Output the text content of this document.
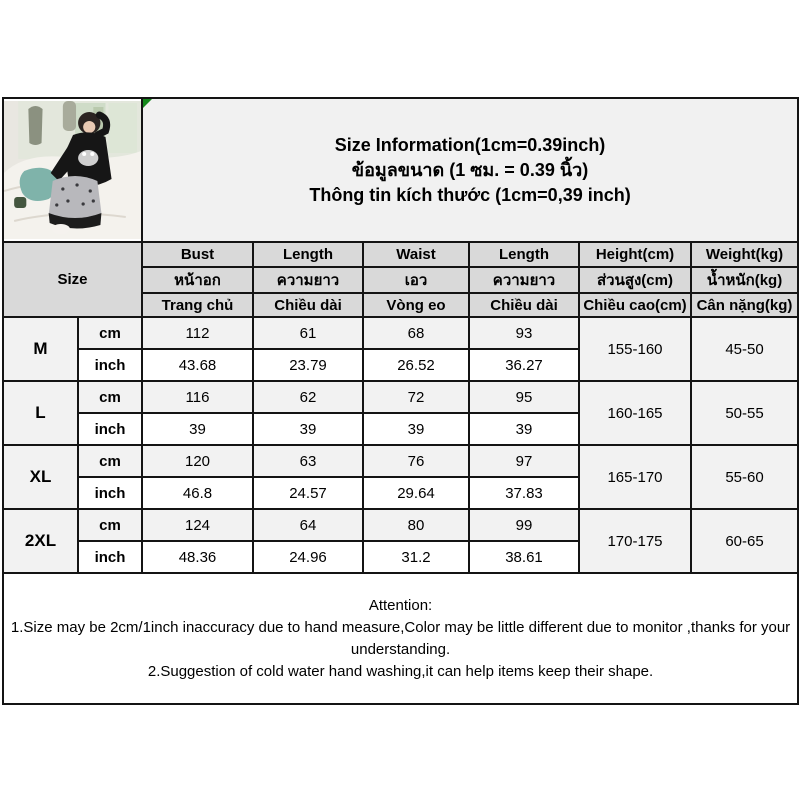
Size Information(1cm=0.39inch)
ข้อมูลขนาด (1 ซม. = 0.39 นิ้ว)
Thông tin kích thước (1cm=0,39 inch)					

Size		Bust	Length	Waist	Length	Height(cm)	Weight(kg)
		หน้าอก	ความยาว	เอว	ความยาว	ส่วนสูง(cm)	น้ำหนัก(kg)
		Trang chủ	Chiều dài	Vòng eo	Chiều dài	Chiều cao(cm)	Cân nặng(kg)
M	cm	112	61	68	93	155-160	45-50
	inch	43.68	23.79	26.52	36.27		
L	cm	116	62	72	95	160-165	50-55
	inch	39	39	39	39		
XL	cm	120	63	76	97	165-170	55-60
	inch	46.8	24.57	29.64	37.83		
2XL	cm	124	64	80	99	170-175	60-65
	inch	48.36	24.96	31.2	38.61		

Attention:
1.Size may be 2cm/1inch inaccuracy due to hand measure,Color may be little different due to monitor ,thanks for your understanding.
2.Suggestion of cold water hand washing,it can help items keep their shape.							
